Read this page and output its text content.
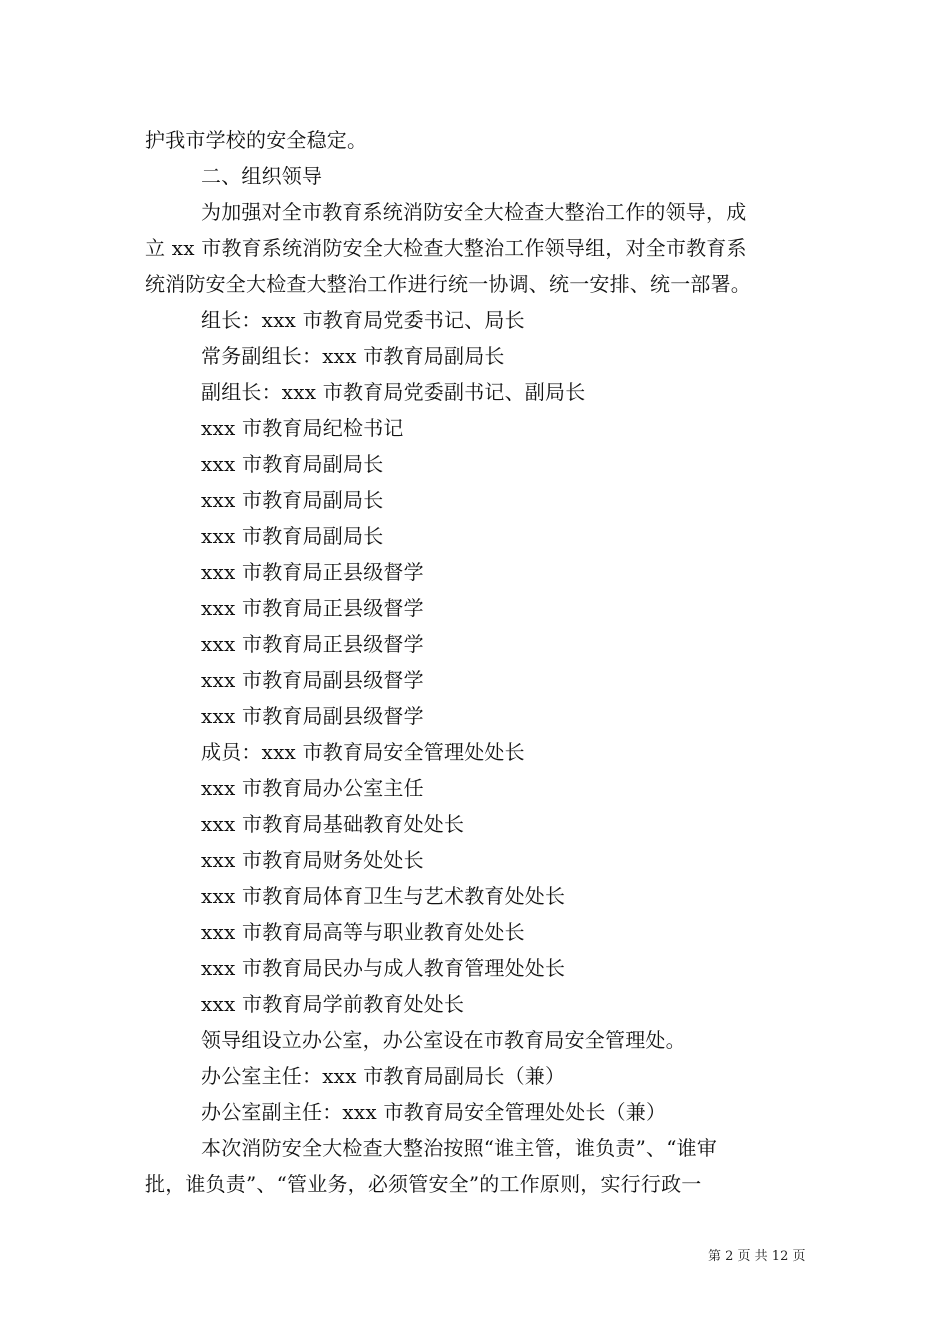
护我市学校的安全稳定。
二、组织领导
为加强对全市教育系统消防安全大检查大整治工作的领导，成
立 xx 市教育系统消防安全大检查大整治工作领导组，对全市教育系
统消防安全大检查大整治工作进行统一协调、统一安排、统一部署。
组长：xxx 市教育局党委书记、局长
常务副组长：xxx 市教育局副局长
副组长：xxx 市教育局党委副书记、副局长
xxx 市教育局纪检书记
xxx 市教育局副局长
xxx 市教育局副局长
xxx 市教育局副局长
xxx 市教育局正县级督学
xxx 市教育局正县级督学
xxx 市教育局正县级督学
xxx 市教育局副县级督学
xxx 市教育局副县级督学
成员：xxx 市教育局安全管理处处长
xxx 市教育局办公室主任
xxx 市教育局基础教育处处长
xxx 市教育局财务处处长
xxx 市教育局体育卫生与艺术教育处处长
xxx 市教育局高等与职业教育处处长
xxx 市教育局民办与成人教育管理处处长
xxx 市教育局学前教育处处长
领导组设立办公室，办公室设在市教育局安全管理处。
办公室主任：xxx 市教育局副局长（兼）
办公室副主任：xxx 市教育局安全管理处处长（兼）
本次消防安全大检查大整治按照“谁主管，谁负责”、“谁审
批，谁负责”、“管业务，必须管安全”的工作原则，实行行政一
第 2 页 共 12 页
